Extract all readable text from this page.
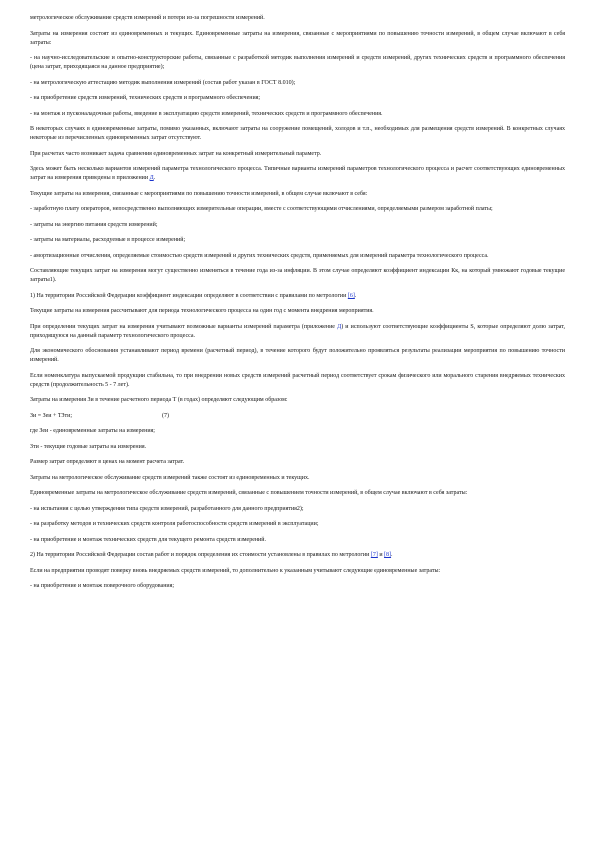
метрологическое обслуживание средств измерений и потери из-за погрешности измерений.

Затраты на измерения состоят из единовременных и текущих. Единовременные затраты на измерения, связанные с мероприятиями по повышению точности измерений, в общем случае включают в себя затраты:

- на научно-исследовательские и опытно-конструкторские работы, связанные с разработкой методик выполнения измерений и средств измерений, других технических средств и программного обеспечения (цена затрат, приходящаяся на данное предприятие);

- на метрологическую аттестацию методик выполнения измерений (состав работ указан в ГОСТ 8.010);

- на приобретение средств измерений, технических средств и программного обеспечения;

- на монтаж и пусконаладочные работы, введение в эксплуатацию средств измерений, технических средств и программного обеспечения.

В некоторых случаях в единовременные затраты, помимо указанных, включают затраты на сооружение помещений, холодов и т.п., необходимых для размещения средств измерений. В конкретных случаях некоторые из перечисленных единовременных затрат отсутствуют.

При расчетах часто возникает задача сравнения единовременных затрат на конкретный измерительный параметр.

Здесь может быть несколько вариантов измерений параметра технологического процесса. Типичные варианты измерений параметров технологического процесса и расчет соответствующих единовременных затрат на измерения приведены в приложении Д.

Текущие затраты на измерения, связанные с мероприятиями по повышению точности измерений, в общем случае включают в себя:

- заработную плату операторов, непосредственно выполняющих измерительные операции, вместе с соответствующими отчислениями, определяемыми размером заработной платы;

- затраты на энергию питания средств измерений;

- затраты на материалы, расходуемые в процессе измерений;

- амортизационные отчисления, определяемые стоимостью средств измерений и других технических средств, применяемых для измерений параметра технологического процесса.

Составляющие текущих затрат на измерения могут существенно изменяться в течение года из-за инфляции. В этом случае определяют коэффициент индексации Кк, на который умножают годовые текущие затраты1).

1) На территории Российской Федерации коэффициент индексации определяют в соответствии с правилами по метрологии [6].

Текущие затраты на измерения рассчитывают для периода технологического процесса на один год с момента внедрения мероприятия.

При определении текущих затрат на измерения учитывают возможные варианты измерений параметра (приложение Д) и используют соответствующие коэффициенты S, которые определяют долю затрат, приходящуюся на данный параметр технологического процесса.

Для экономического обоснования устанавливают период времени (расчетный период), в течение которого будут положительно проявляться результаты реализации мероприятия по повышению точности измерений.

Если номенклатура выпускаемой продукции стабильна, то при внедрении новых средств измерений расчетный период соответствует срокам физического или морального старения внедряемых технических средств (продолжительность 5 - 7 лет).

Затраты на измерения Зи в течение расчетного периода Т (в годах) определяют следующим образом:

Зи = Зеи + ТЗти;	(7)

где Зеи - единовременные затраты на измерения;

Зти - текущие годовые затраты на измерения.

Размер затрат определяют в ценах на момент расчета затрат.

Затраты на метрологическое обслуживание средств измерений также состоят из единовременных и текущих.

Единовременные затраты на метрологическое обслуживание средств измерений, связанные с повышением точности измерений, в общем случае включают в себя затраты:

- на испытания с целью утверждения типа средств измерений, разработанного для данного предприятия2);

- на разработку методов и технических средств контроля работоспособности средств измерений в эксплуатации;

- на приобретение и монтаж технических средств для текущего ремонта средств измерений.

2) На территории Российской Федерации состав работ и порядок определения их стоимости установлены в правилах по метрологии [7] и [8].

Если на предприятии проводят поверку вновь внедряемых средств измерений, то дополнительно к указанным учитывают следующие единовременные затраты:

- на приобретение и монтаж поверочного оборудования;
